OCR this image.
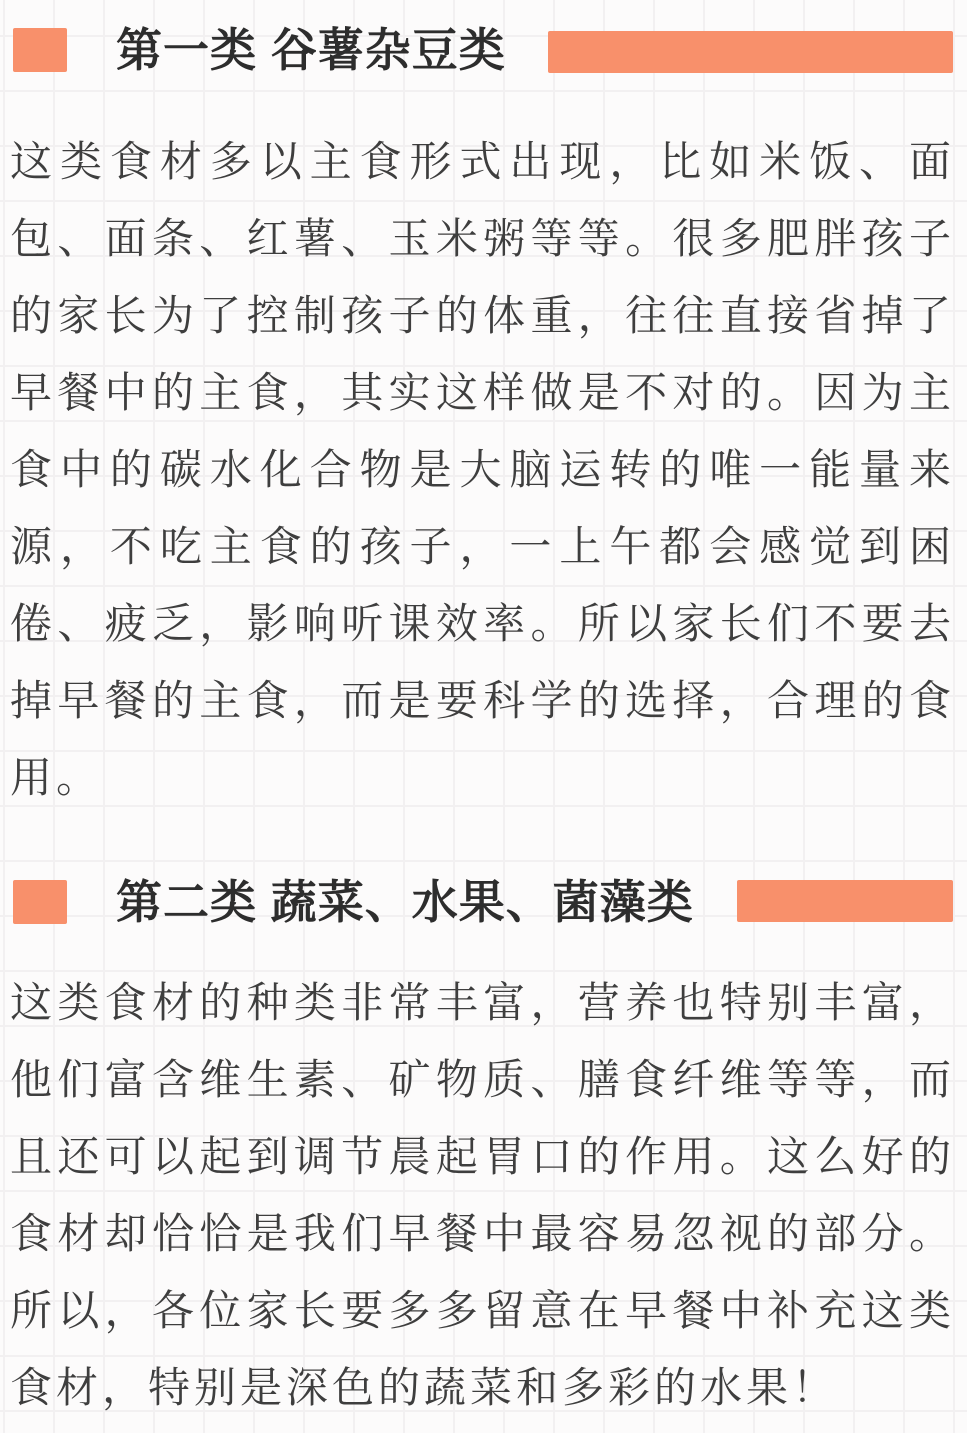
第一类 谷薯杂豆类
这类食材多以主食形式出现，比如米饭、面
包、面条、红薯、玉米粥等等。很多肥胖孩子
的家长为了控制孩子的体重，往往直接省掉了
早餐中的主食，其实这样做是不对的。因为主
食中的碳水化合物是大脑运转的唯一能量来
源，不吃主食的孩子，一上午都会感觉到困
倦、疲乏，影响听课效率。所以家长们不要去
掉早餐的主食，而是要科学的选择，合理的食
用。
第二类 蔬菜、水果、菌藻类
这类食材的种类非常丰富，营养也特别丰富，
他们富含维生素、矿物质、膳食纤维等等，而
且还可以起到调节晨起胃口的作用。这么好的
食材却恰恰是我们早餐中最容易忽视的部分。
所以，各位家长要多多留意在早餐中补充这类
食材，特别是深色的蔬菜和多彩的水果！
